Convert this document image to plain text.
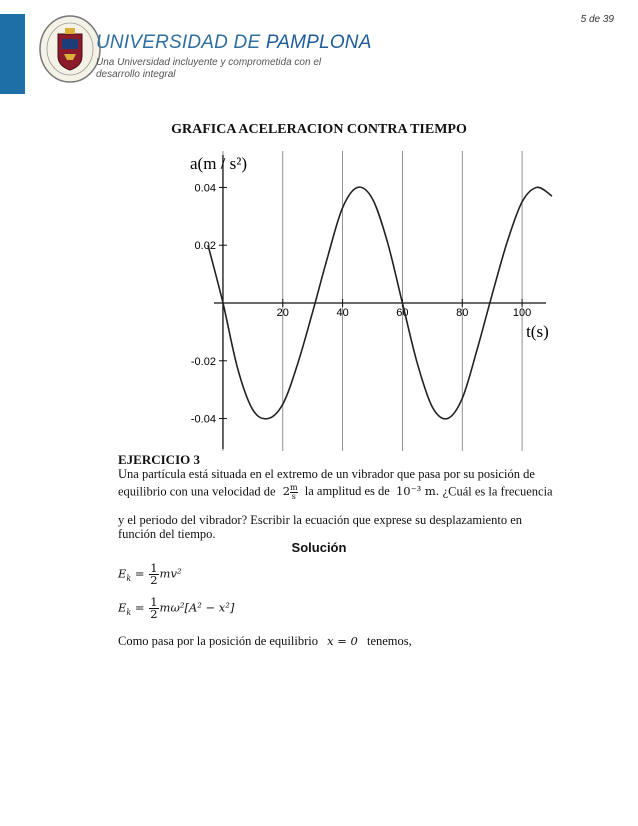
UNIVERSIDAD DE PAMPLONA
Una Universidad incluyente y comprometida con el desarrollo integral
5 de 39
GRAFICA ACELERACION CONTRA TIEMPO
20	40	60	80	100
0.04
0.02
-0.02
-0.04
a(m / s²)
t(s)
EJERCICIO 3
Una partícula está situada en el extremo de un vibrador que pasa por su posición de
equilibrio con una velocidad de $2 \frac{m}{s}$ la amplitud es de 10⁻³ m. ¿Cuál es la frecuencia
y el periodo del vibrador? Escribir la ecuación que exprese su desplazamiento en
función del tiempo.
Solución
$E_k = \frac{1}{2} mv^2$
$E_k = \frac{1}{2} m\omega^2[A^2 - x^2]$
Como pasa por la posición de equilibrio x = 0 tenemos,
